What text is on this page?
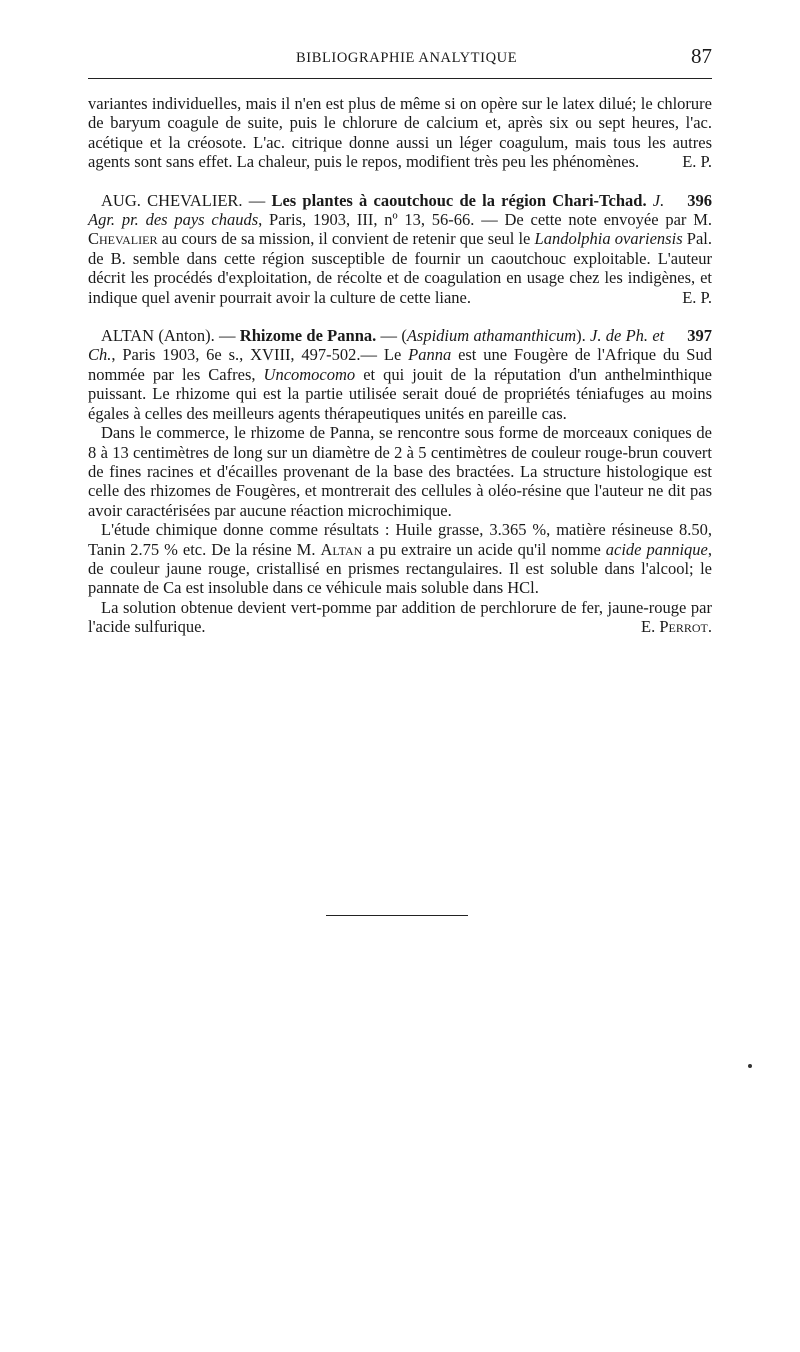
BIBLIOGRAPHIE ANALYTIQUE	87

variantes individuelles, mais il n'en est plus de même si on opère sur le latex dilué; le chlorure de baryum coagule de suite, puis le chlorure de calcium et, après six ou sept heures, l'ac. acétique et la créosote. L'ac. citrique donne aussi un léger coagulum, mais tous les autres agents sont sans effet. La chaleur, puis le repos, modifient très peu les phénomènes.	E. P.

396
AUG. CHEVALIER. — Les plantes à caoutchouc de la région Chari-Tchad. J. Agr. pr. des pays chauds, Paris, 1903, III, nº 13, 56-66. — De cette note envoyée par M. Chevalier au cours de sa mission, il convient de retenir que seul le Landolphia ovariensis Pal. de B. semble dans cette région susceptible de fournir un caoutchouc exploitable. L'auteur décrit les procédés d'exploitation, de récolte et de coagulation en usage chez les indigènes, et indique quel avenir pourrait avoir la culture de cette liane.	E. P.

397
ALTAN (Anton). — Rhizome de Panna. — (Aspidium athamanthicum). J. de Ph. et Ch., Paris 1903, 6e s., XVIII, 497-502.— Le Panna est une Fougère de l'Afrique du Sud nommée par les Cafres, Uncomocomo et qui jouit de la réputation d'un anthelminthique puissant. Le rhizome qui est la partie utilisée serait doué de propriétés téniafuges au moins égales à celles des meilleurs agents thérapeutiques unités en pareille cas.

Dans le commerce, le rhizome de Panna, se rencontre sous forme de morceaux coniques de 8 à 13 centimètres de long sur un diamètre de 2 à 5 centimètres de couleur rouge-brun couvert de fines racines et d'écailles provenant de la base des bractées. La structure histologique est celle des rhizomes de Fougères, et montrerait des cellules à oléo-résine que l'auteur ne dit pas avoir caractérisées par aucune réaction microchimique.

L'étude chimique donne comme résultats : Huile grasse, 3.365 %, matière résineuse 8.50, Tanin 2.75 % etc. De la résine M. Altan a pu extraire un acide qu'il nomme acide pannique, de couleur jaune rouge, cristallisé en prismes rectangulaires. Il est soluble dans l'alcool; le pannate de Ca est insoluble dans ce véhicule mais soluble dans HCl.

La solution obtenue devient vert-pomme par addition de perchlorure de fer, jaune-rouge par l'acide sulfurique.	E. Perrot.
